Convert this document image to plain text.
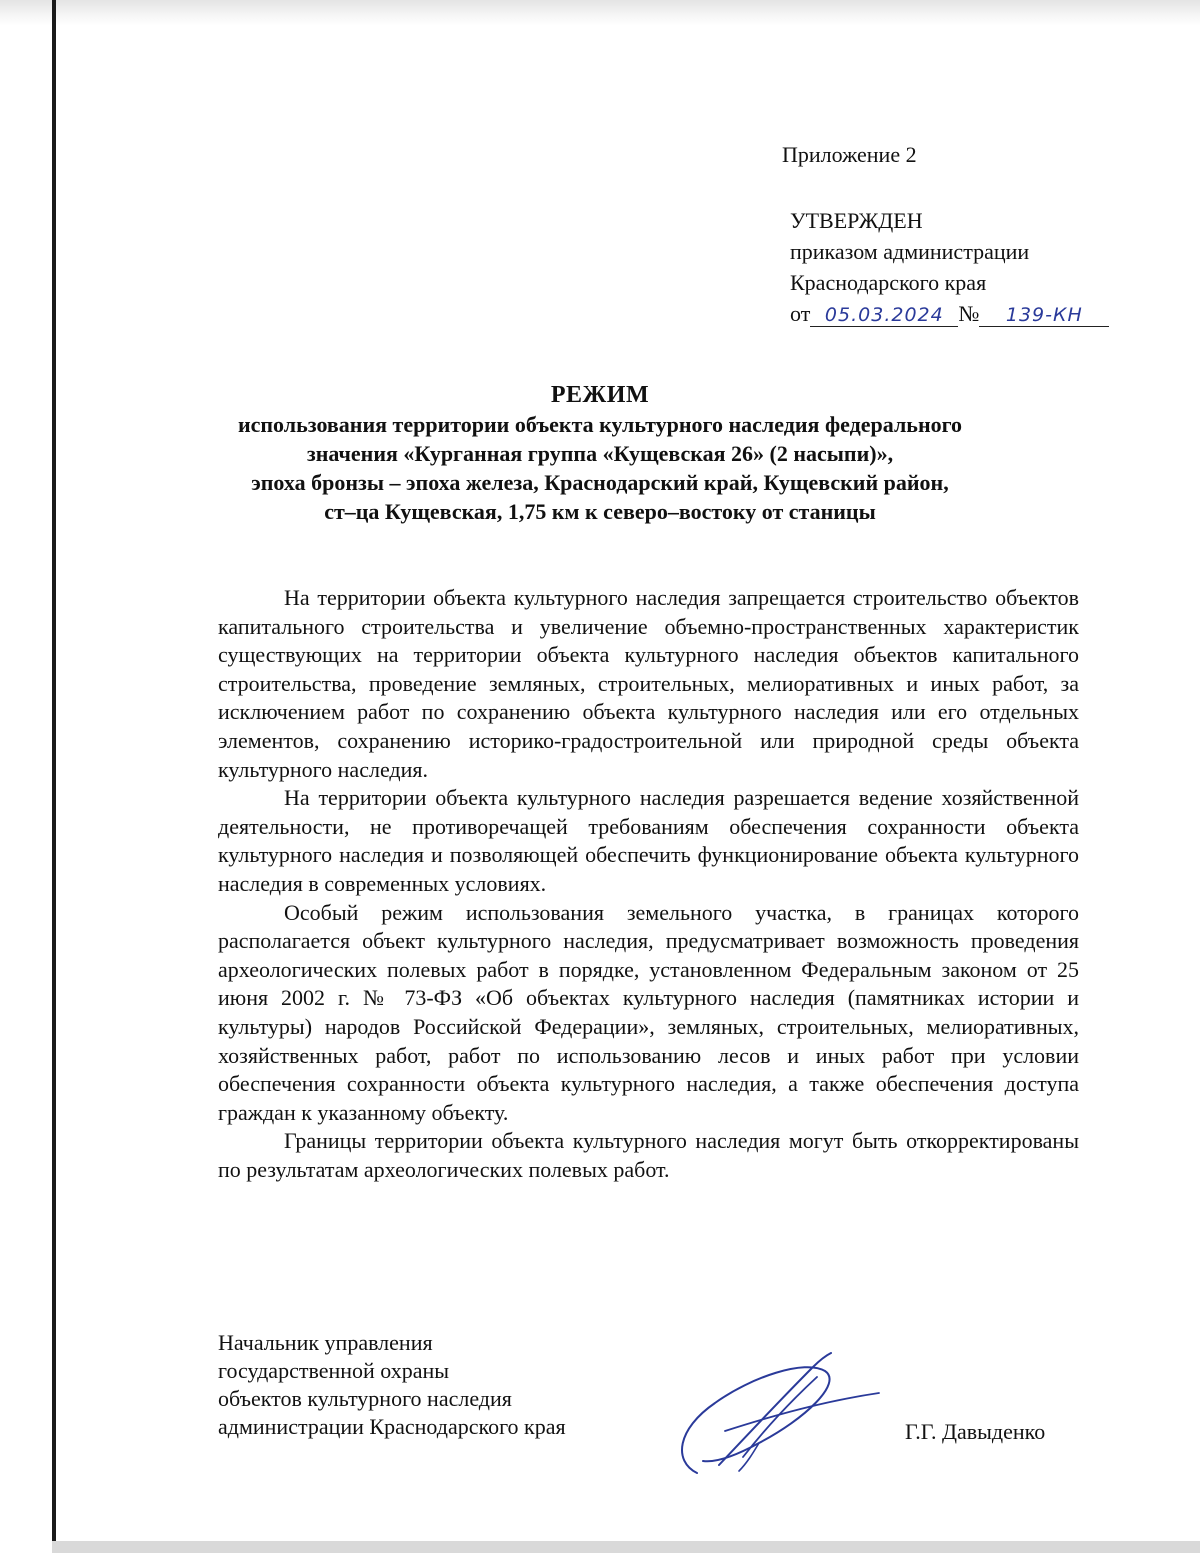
Приложение 2
УТВЕРЖДЕН
приказом администрации
Краснодарского края
от 05.03.2024 № 139-КН
РЕЖИМ
использования территории объекта культурного наследия федерального
значения «Курганная группа «Кущевская 26» (2 насыпи)»,
эпоха бронзы – эпоха железа, Краснодарский край, Кущевский район,
ст–ца Кущевская, 1,75 км к северо–востоку от станицы

На территории объекта культурного наследия запрещается строительство объектов капитального строительства и увеличение объемно-пространственных характеристик существующих на территории объекта культурного наследия объектов капитального строительства, проведение земляных, строительных, мелиоративных и иных работ, за исключением работ по сохранению объекта культурного наследия или его отдельных элементов, сохранению историко-градостроительной или природной среды объекта культурного наследия.

На территории объекта культурного наследия разрешается ведение хозяйственной деятельности, не противоречащей требованиям обеспечения сохранности объекта культурного наследия и позволяющей обеспечить функционирование объекта культурного наследия в современных условиях.

Особый режим использования земельного участка, в границах которого располагается объект культурного наследия, предусматривает возможность проведения археологических полевых работ в порядке, установленном Федеральным законом от 25 июня 2002 г. № 73-ФЗ «Об объектах культурного наследия (памятниках истории и культуры) народов Российской Федерации», земляных, строительных, мелиоративных, хозяйственных работ, работ по использованию лесов и иных работ при условии обеспечения сохранности объекта культурного наследия, а также обеспечения доступа граждан к указанному объекту.

Границы территории объекта культурного наследия могут быть откорректированы по результатам археологических полевых работ.

Начальник управления
государственной охраны
объектов культурного наследия
администрации Краснодарского края	Г.Г. Давыденко
